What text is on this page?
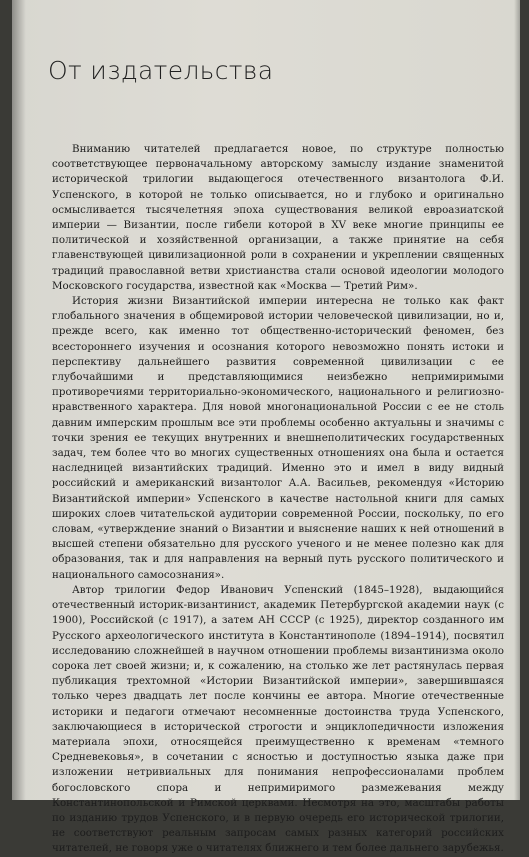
От издательства

Вниманию читателей предлагается новое, по структуре полностью соответствующее первоначальному авторскому замыслу издание знаменитой исторической трилогии выдающегося отечественного византолога Ф.И. Успенского, в которой не только описывается, но и глубоко и оригинально осмысливается тысячелетняя эпоха существования великой евроазиатской империи — Византии, после гибели которой в XV веке многие принципы ее политической и хозяйственной организации, а также принятие на себя главенствующей цивилизационной роли в сохранении и укреплении священных традиций православной ветви христианства стали основой идеологии молодого Московского государства, известной как «Москва — Третий Рим».

История жизни Византийской империи интересна не только как факт глобального значения в общемировой истории человеческой цивилизации, но и, прежде всего, как именно тот общественно-исторический феномен, без всестороннего изучения и осознания которого невозможно понять истоки и перспективу дальнейшего развития современной цивилизации с ее глубочайшими и представляющимися неизбежно непримиримыми противоречиями территориально-экономического, национального и религиозно-нравственного характера. Для новой многонациональной России с ее не столь давним имперским прошлым все эти проблемы особенно актуальны и значимы с точки зрения ее текущих внутренних и внешнеполитических государственных задач, тем более что во многих существенных отношениях она была и остается наследницей византийских традиций. Именно это и имел в виду видный российский и американский византолог А.А. Васильев, рекомендуя «Историю Византийской империи» Успенского в качестве настольной книги для самых широких слоев читательской аудитории современной России, поскольку, по его словам, «утверждение знаний о Византии и выяснение наших к ней отношений в высшей степени обязательно для русского ученого и не менее полезно как для образования, так и для направления на верный путь русского политического и национального самосознания».

Автор трилогии Федор Иванович Успенский (1845–1928), выдающийся отечественный историк-византинист, академик Петербургской академии наук (с 1900), Российской (с 1917), а затем АН СССР (с 1925), директор созданного им Русского археологического института в Константинополе (1894–1914), посвятил исследованию сложнейшей в научном отношении проблемы византинизма около сорока лет своей жизни; и, к сожалению, на столько же лет растянулась первая публикация трехтомной «Истории Византийской империи», завершившаяся только через двадцать лет после кончины ее автора. Многие отечественные историки и педагоги отмечают несомненные достоинства труда Успенского, заключающиеся в исторической строгости и энциклопедичности изложения материала эпохи, относящейся преимущественно к временам «темного Средневековья», в сочетании с ясностью и доступностью языка даже при изложении нетривиальных для понимания непрофессионалами проблем богословского спора и непримиримого размежевания между Константинопольской и Римской церквами. Несмотря на это, масштабы работы по изданию трудов Успенского, и в первую очередь его исторической трилогии, не соответствуют реальным запросам самых разных категорий российских читателей, не говоря уже о читателях ближнего и тем более дальнего зарубежья.
